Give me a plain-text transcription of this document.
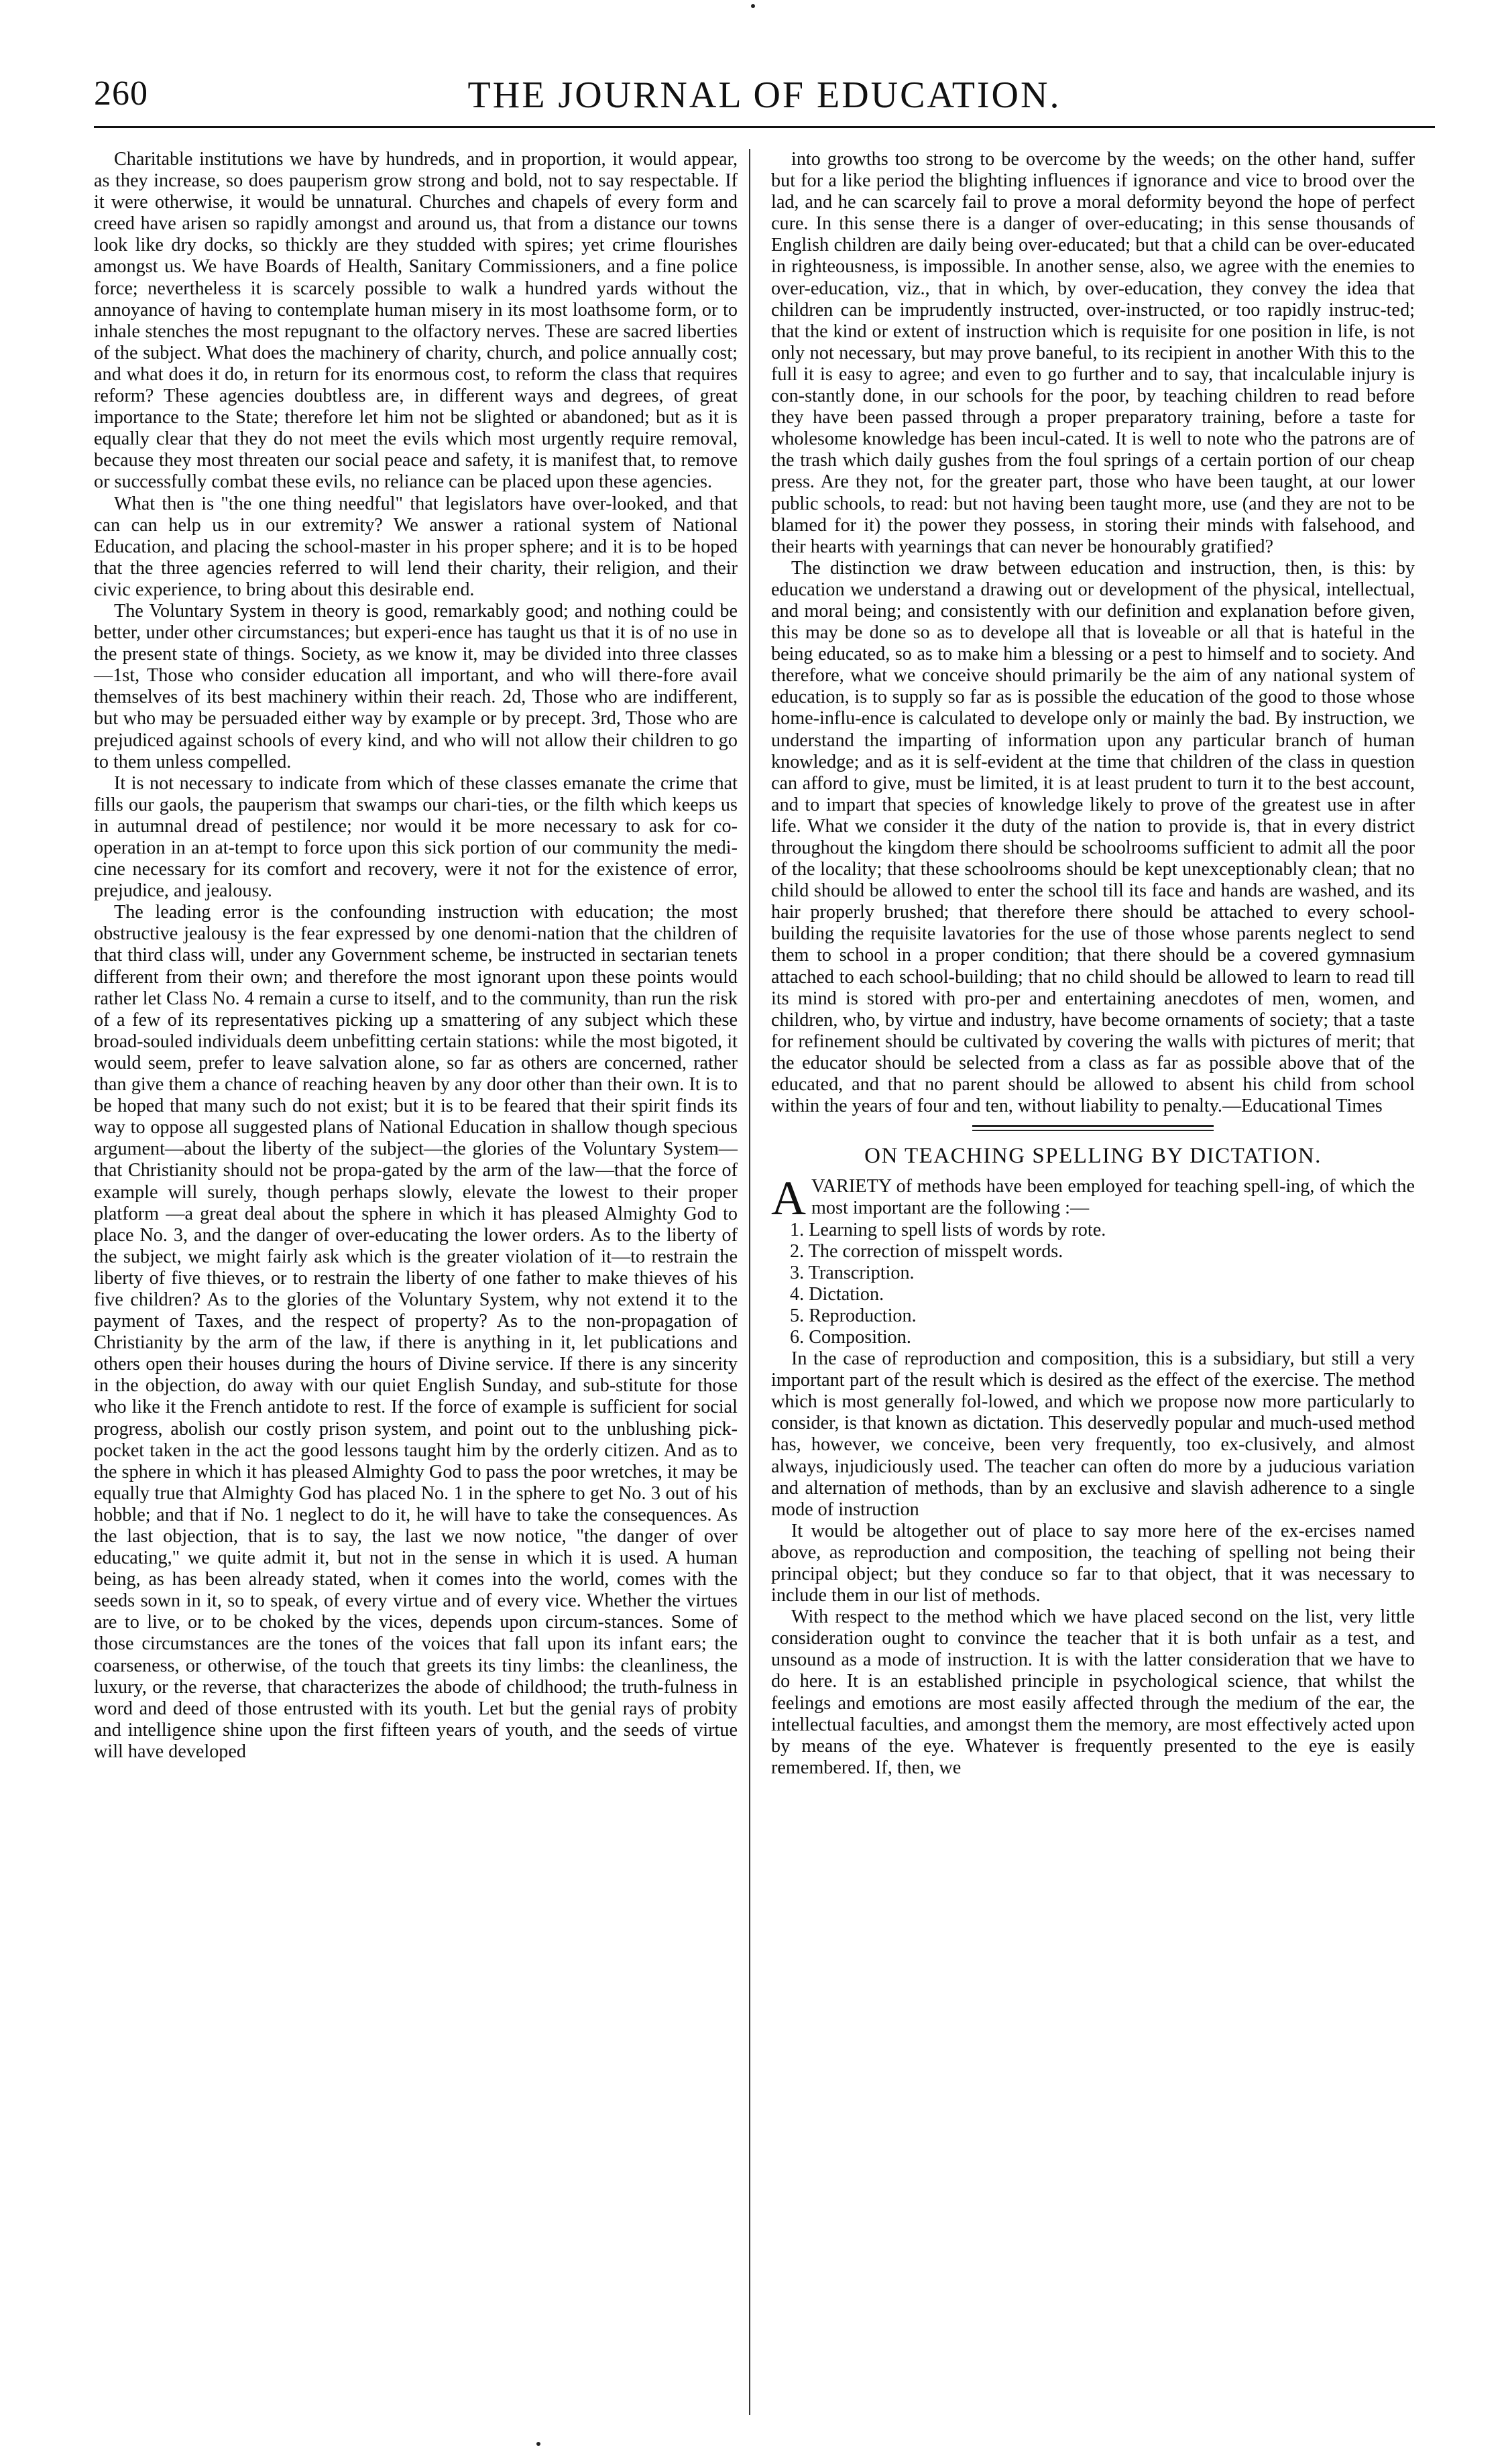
260	THE JOURNAL OF EDUCATION.

Charitable institutions we have by hundreds, and in proportion, it would appear, as they increase, so does pauperism grow strong and bold, not to say respectable. If it were otherwise, it would be unnatural. Churches and chapels of every form and creed have arisen so rapidly amongst and around us, that from a distance our towns look like dry docks, so thickly are they studded with spires; yet crime flourishes amongst us. We have Boards of Health, Sanitary Commissioners, and a fine police force; nevertheless it is scarcely possible to walk a hundred yards without the annoyance of having to contemplate human misery in its most loathsome form, or to inhale stenches the most repugnant to the olfactory nerves. These are sacred liberties of the subject. What does the machinery of charity, church, and police annually cost; and what does it do, in return for its enormous cost, to reform the class that requires reform? These agencies doubtless are, in different ways and degrees, of great importance to the State; therefore let him not be slighted or abandoned; but as it is equally clear that they do not meet the evils which most urgently require removal, because they most threaten our social peace and safety, it is manifest that, to remove or successfully combat these evils, no reliance can be placed upon these agencies.

What then is "the one thing needful" that legislators have over-looked, and that can can help us in our extremity? We answer a rational system of National Education, and placing the school-master in his proper sphere; and it is to be hoped that the three agencies referred to will lend their charity, their religion, and their civic experience, to bring about this desirable end.

The Voluntary System in theory is good, remarkably good; and nothing could be better, under other circumstances; but experi-ence has taught us that it is of no use in the present state of things. Society, as we know it, may be divided into three classes—1st, Those who consider education all important, and who will there-fore avail themselves of its best machinery within their reach. 2d, Those who are indifferent, but who may be persuaded either way by example or by precept. 3rd, Those who are prejudiced against schools of every kind, and who will not allow their children to go to them unless compelled.

It is not necessary to indicate from which of these classes emanate the crime that fills our gaols, the pauperism that swamps our chari-ties, or the filth which keeps us in autumnal dread of pestilence; nor would it be more necessary to ask for co-operation in an at-tempt to force upon this sick portion of our community the medi-cine necessary for its comfort and recovery, were it not for the existence of error, prejudice, and jealousy.

The leading error is the confounding instruction with education; the most obstructive jealousy is the fear expressed by one denomi-nation that the children of that third class will, under any Government scheme, be instructed in sectarian tenets different from their own; and therefore the most ignorant upon these points would rather let Class No. 4 remain a curse to itself, and to the community, than run the risk of a few of its representatives picking up a smattering of any subject which these broad-souled individuals deem unbefitting certain stations: while the most bigoted, it would seem, prefer to leave salvation alone, so far as others are concerned, rather than give them a chance of reaching heaven by any door other than their own. It is to be hoped that many such do not exist; but it is to be feared that their spirit finds its way to oppose all suggested plans of National Education in shallow though specious argument—about the liberty of the subject—the glories of the Voluntary System—that Christianity should not be propa-gated by the arm of the law—that the force of example will surely, though perhaps slowly, elevate the lowest to their proper platform —a great deal about the sphere in which it has pleased Almighty God to place No. 3, and the danger of over-educating the lower orders. As to the liberty of the subject, we might fairly ask which is the greater violation of it—to restrain the liberty of five thieves, or to restrain the liberty of one father to make thieves of his five children? As to the glories of the Voluntary System, why not extend it to the payment of Taxes, and the respect of property? As to the non-propagation of Christianity by the arm of the law, if there is anything in it, let publications and others open their houses during the hours of Divine service. If there is any sincerity in the objection, do away with our quiet English Sunday, and sub-stitute for those who like it the French antidote to rest. If the force of example is sufficient for social progress, abolish our costly prison system, and point out to the unblushing pick-pocket taken in the act the good lessons taught him by the orderly citizen. And as to the sphere in which it has pleased Almighty God to pass the poor wretches, it may be equally true that Almighty God has placed No. 1 in the sphere to get No. 3 out of his hobble; and that if No. 1 neglect to do it, he will have to take the consequences. As the last objection, that is to say, the last we now notice, "the danger of over educating," we quite admit it, but not in the sense in which it is used. A human being, as has been already stated, when it comes into the world, comes with the seeds sown in it, so to speak, of every virtue and of every vice. Whether the virtues are to live, or to be choked by the vices, depends upon circum-stances. Some of those circumstances are the tones of the voices that fall upon its infant ears; the coarseness, or otherwise, of the touch that greets its tiny limbs: the cleanliness, the luxury, or the reverse, that characterizes the abode of childhood; the truth-fulness in word and deed of those entrusted with its youth. Let but the genial rays of probity and intelligence shine upon the first fifteen years of youth, and the seeds of virtue will have developed

into growths too strong to be overcome by the weeds; on the other hand, suffer but for a like period the blighting influences if ignorance and vice to brood over the lad, and he can scarcely fail to prove a moral deformity beyond the hope of perfect cure. In this sense there is a danger of over-educating; in this sense thousands of English children are daily being over-educated; but that a child can be over-educated in righteousness, is impossible. In another sense, also, we agree with the enemies to over-education, viz., that in which, by over-education, they convey the idea that children can be imprudently instructed, over-instructed, or too rapidly instruc-ted; that the kind or extent of instruction which is requisite for one position in life, is not only not necessary, but may prove baneful, to its recipient in another With this to the full it is easy to agree; and even to go further and to say, that incalculable injury is con-stantly done, in our schools for the poor, by teaching children to read before they have been passed through a proper preparatory training, before a taste for wholesome knowledge has been incul-cated. It is well to note who the patrons are of the trash which daily gushes from the foul springs of a certain portion of our cheap press. Are they not, for the greater part, those who have been taught, at our lower public schools, to read: but not having been taught more, use (and they are not to be blamed for it) the power they possess, in storing their minds with falsehood, and their hearts with yearnings that can never be honourably gratified?

The distinction we draw between education and instruction, then, is this: by education we understand a drawing out or development of the physical, intellectual, and moral being; and consistently with our definition and explanation before given, this may be done so as to develope all that is loveable or all that is hateful in the being educated, so as to make him a blessing or a pest to himself and to society. And therefore, what we conceive should primarily be the aim of any national system of education, is to supply so far as is possible the education of the good to those whose home-influ-ence is calculated to develope only or mainly the bad. By instruction, we understand the imparting of information upon any particular branch of human knowledge; and as it is self-evident at the time that children of the class in question can afford to give, must be limited, it is at least prudent to turn it to the best account, and to impart that species of knowledge likely to prove of the greatest use in after life. What we consider it the duty of the nation to provide is, that in every district throughout the kingdom there should be schoolrooms sufficient to admit all the poor of the locality; that these schoolrooms should be kept unexceptionably clean; that no child should be allowed to enter the school till its face and hands are washed, and its hair properly brushed; that therefore there should be attached to every school-building the requisite lavatories for the use of those whose parents neglect to send them to school in a proper condition; that there should be a covered gymnasium attached to each school-building; that no child should be allowed to learn to read till its mind is stored with pro-per and entertaining anecdotes of men, women, and children, who, by virtue and industry, have become ornaments of society; that a taste for refinement should be cultivated by covering the walls with pictures of merit; that the educator should be selected from a class as far as possible above that of the educated, and that no parent should be allowed to absent his child from school within the years of four and ten, without liability to penalty.—Educational Times

ON TEACHING SPELLING BY DICTATION.

AVARIETY of methods have been employed for teaching spell-ing, of which the most important are the following :—

1. Learning to spell lists of words by rote.
2. The correction of misspelt words.
3. Transcription.
4. Dictation.
5. Reproduction.
6. Composition.

In the case of reproduction and composition, this is a subsidiary, but still a very important part of the result which is desired as the effect of the exercise. The method which is most generally fol-lowed, and which we propose now more particularly to consider, is that known as dictation. This deservedly popular and much-used method has, however, we conceive, been very frequently, too ex-clusively, and almost always, injudiciously used. The teacher can often do more by a juducious variation and alternation of methods, than by an exclusive and slavish adherence to a single mode of instruction

It would be altogether out of place to say more here of the ex-ercises named above, as reproduction and composition, the teaching of spelling not being their principal object; but they conduce so far to that object, that it was necessary to include them in our list of methods.

With respect to the method which we have placed second on the list, very little consideration ought to convince the teacher that it is both unfair as a test, and unsound as a mode of instruction. It is with the latter consideration that we have to do here. It is an established principle in psychological science, that whilst the feelings and emotions are most easily affected through the medium of the ear, the intellectual faculties, and amongst them the memory, are most effectively acted upon by means of the eye. Whatever is frequently presented to the eye is easily remembered. If, then, we
